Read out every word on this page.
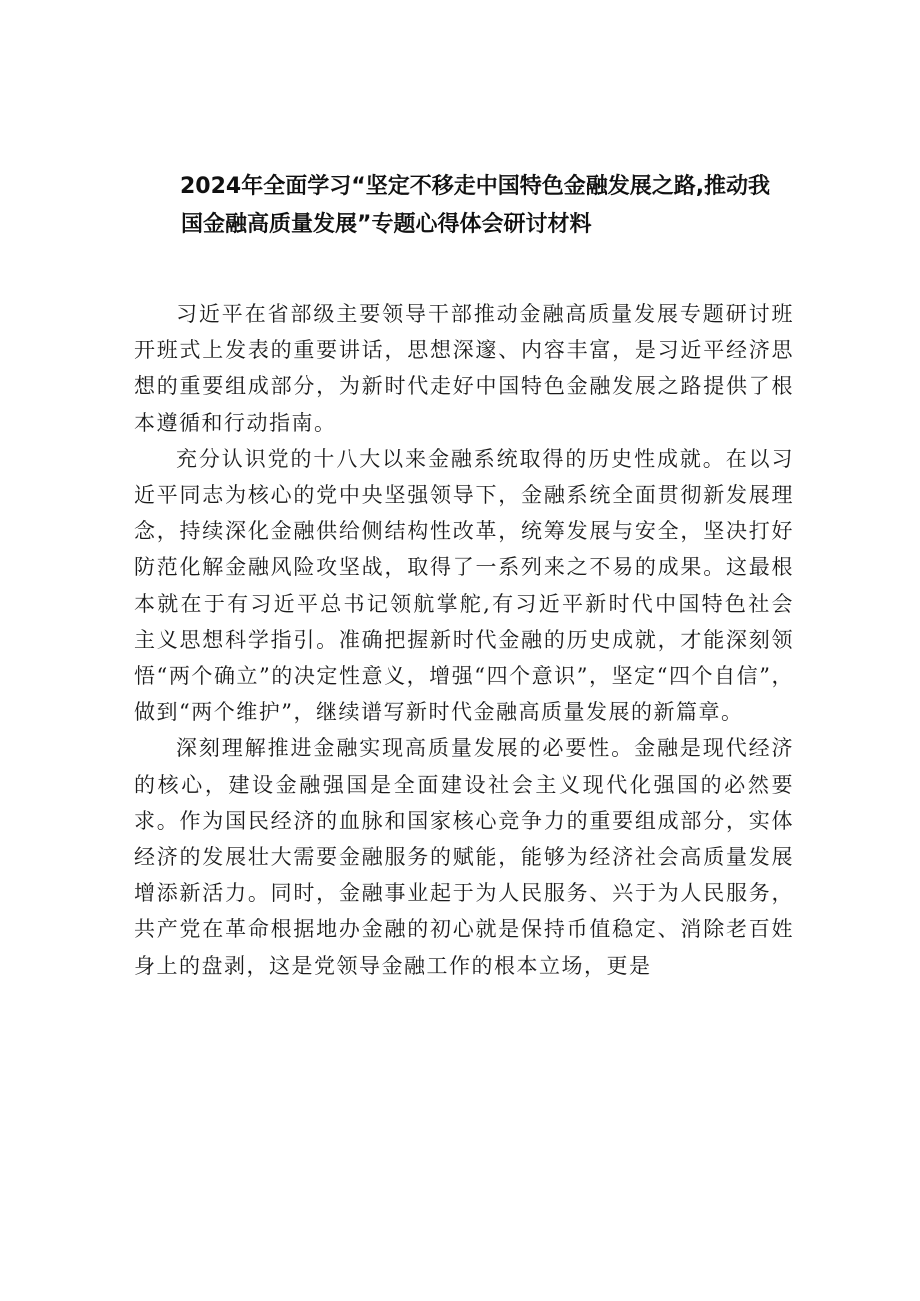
2024年全面学习“坚定不移走中国特色金融发展之路,推动我
国金融高质量发展”专题心得体会研讨材料

习近平在省部级主要领导干部推动金融高质量发展专题研讨班开班式上发表的重要讲话，思想深邃、内容丰富，是习近平经济思想的重要组成部分，为新时代走好中国特色金融发展之路提供了根本遵循和行动指南。

充分认识党的十八大以来金融系统取得的历史性成就。在以习近平同志为核心的党中央坚强领导下，金融系统全面贯彻新发展理念，持续深化金融供给侧结构性改革，统筹发展与安全，坚决打好防范化解金融风险攻坚战，取得了一系列来之不易的成果。这最根本就在于有习近平总书记领航掌舵,有习近平新时代中国特色社会主义思想科学指引。准确把握新时代金融的历史成就，才能深刻领悟“两个确立”的决定性意义，增强“四个意识”，坚定“四个自信”，做到“两个维护”，继续谱写新时代金融高质量发展的新篇章。

深刻理解推进金融实现高质量发展的必要性。金融是现代经济的核心，建设金融强国是全面建设社会主义现代化强国的必然要求。作为国民经济的血脉和国家核心竞争力的重要组成部分，实体经济的发展壮大需要金融服务的赋能，能够为经济社会高质量发展增添新活力。同时，金融事业起于为人民服务、兴于为人民服务，共产党在革命根据地办金融的初心就是保持币值稳定、消除老百姓身上的盘剥，这是党领导金融工作的根本立场，更是
